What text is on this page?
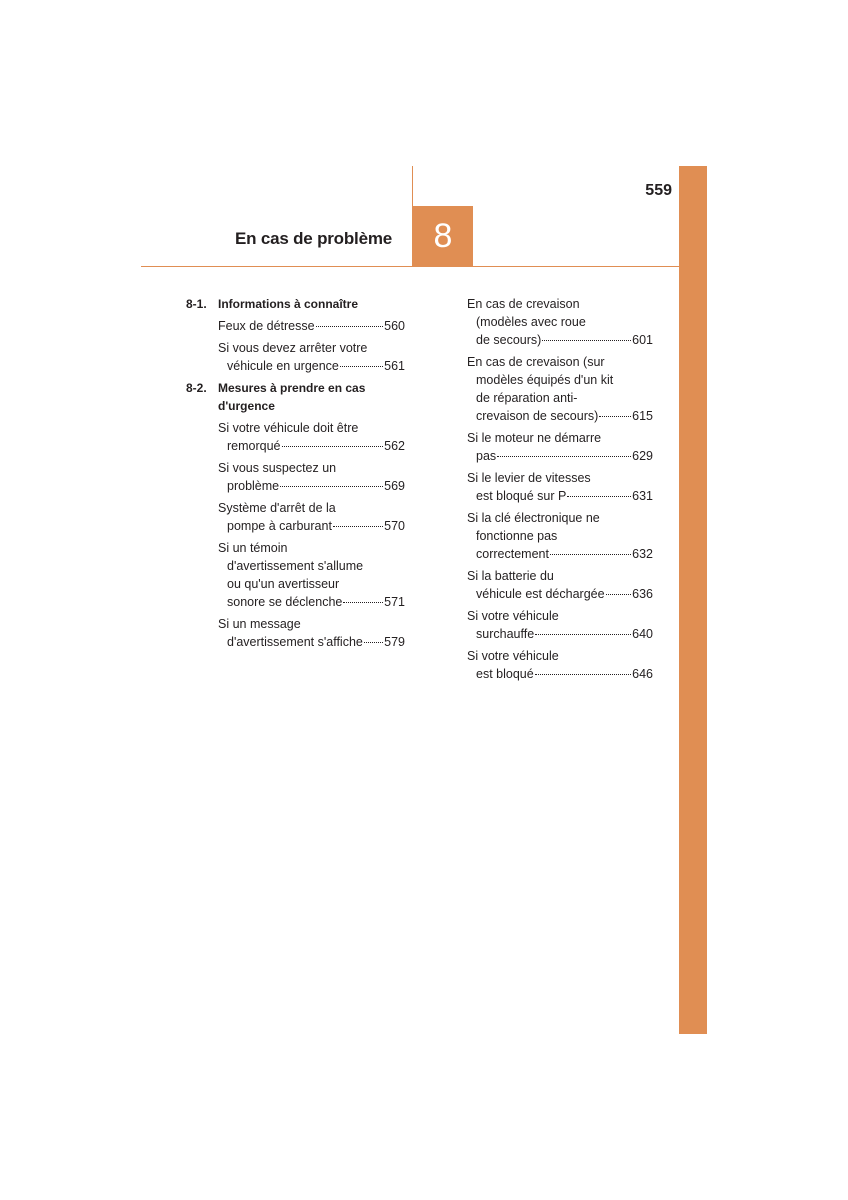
559
8
En cas de problème
8-1. Informations à connaître
Feux de détresse	560
Si vous devez arrêter votre
véhicule en urgence	561
8-2. Mesures à prendre en cas
d'urgence
Si votre véhicule doit être
remorqué	562
Si vous suspectez un
problème	569
Système d'arrêt de la
pompe à carburant	570
Si un témoin
d'avertissement s'allume
ou qu'un avertisseur
sonore se déclenche	571
Si un message
d'avertissement s'affiche 579
En cas de crevaison
(modèles avec roue
de secours)	601
En cas de crevaison (sur
modèles équipés d'un kit
de réparation anti-
crevaison de secours)	615
Si le moteur ne démarre
pas	629
Si le levier de vitesses
est bloqué sur P	631
Si la clé électronique ne
fonctionne pas
correctement	632
Si la batterie du
véhicule est déchargée 636
Si votre véhicule
surchauffe	640
Si votre véhicule
est bloqué	646
